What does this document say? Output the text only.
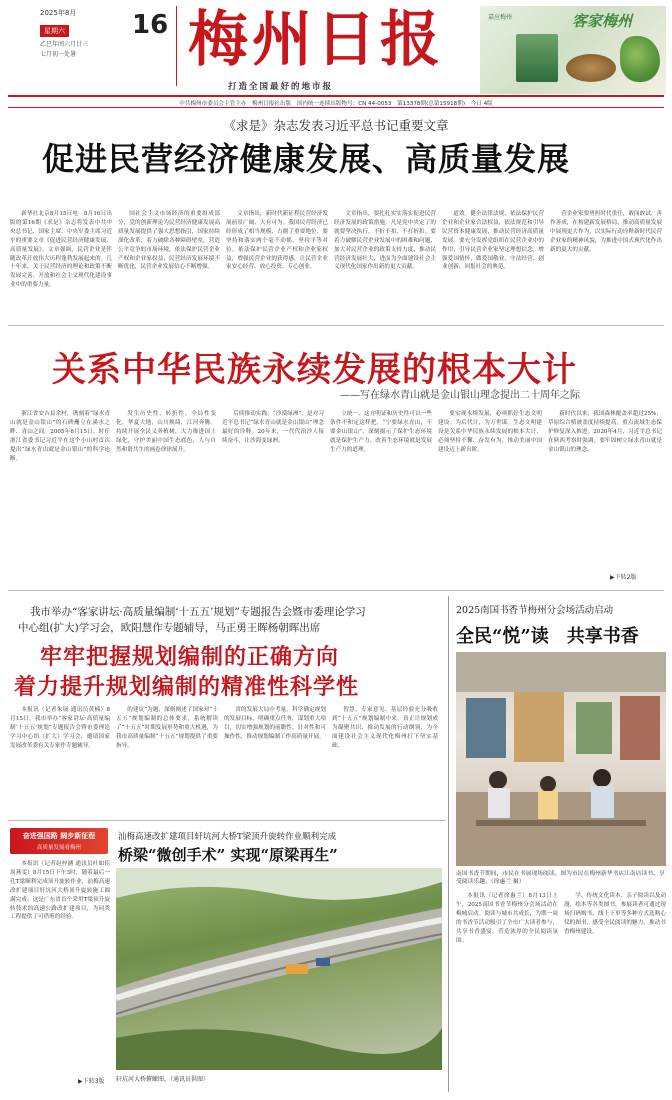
2025年8月
星期六
乙巳年闰六月廿三
七月初一处暑
16 梅州日报
打造全国最好的地市报
嘉应梅州	客家梅州
中共梅州市委员会主管主办　梅州日报社出版　国内统一连续出版物号：CN 44-0053　第13378期(总第15918期)　今日 4版
《求是》杂志发表习近平总书记重要文章
促进民营经济健康发展、高质量发展

新华社北京8月15日电　8月16日出版的第16期《求是》杂志将发表中共中央总书记、国家主席、中央军委主席习近平的重要文章《促进民营经济健康发展、高质量发展》。文章强调，民营企业是伴随改革开放伟大历程蓬勃发展起来的。几十年来，关于民营经济的理论和政策不断发展完善。开放和社会主义现代化建设事业中的重要力量。

国社会主义市场经济的重要组成部分，党的创新理论为民营经济健康发展高质量发展提供了强大思想指引，国家持续深化改革，着力破除各种障碍壁垒，营造公平竞争的市场环境，依法保护民营企业产权和企业家权益，民营经济发展环境不断优化，民营企业发展信心不断增强。

文章指出，新时代新征程民营经济发展前景广阔、大有可为。我国民营经济已经形成了相当规模、占据了重要地位，要坚持和落实两个毫不动摇，坚持平等对待，依法保护民营企业产权和企业家权益，增强民营企业的获得感，让民营企业家安心经营、放心投资、专心创业。

文章指出，要扎扎实实落实促进民营经济发展的政策措施。凡是党中央定了的就要坚决执行，不折不扣，不打折扣。要着力破解民营企业发展中的困难和问题，加大对民营企业的政策支持力度，推动民营经济发展壮大，进而为全面建设社会主义现代化国家作出新的更大贡献。

道效。健全法律法规，依法保护民营企业和企业家合法权益，依法规范和引导民营资本健康发展，推动民营经济高质量发展。要充分发挥党组织在民营企业中的作用，引导民营企业家坚定理想信念，增强爱国情怀，做爱国敬业、守法经营、创业创新、回报社会的典范。

营企业家要勇担时代重任，敢闯敢试、善作善成，在构建新发展格局、推动高质量发展中展现更大作为，以实际行动诠释新时代民营企业家的精神风貌，为推进中国式现代化作出新的更大的贡献。

关系中华民族永续发展的根本大计
——写在绿水青山就是金山银山理念提出二十周年之际

浙江省安吉县余村，镌刻着“绿水青山就是金山银山”的石碑矗立在溪水之畔、青山之间。2005年8月15日，时任浙江省委书记习近平在这个小山村首次提出“绿水青山就是金山银山”的科学论断。

发生历史性、转折性、全局性变化。华夏大地，山川焕绮，江河奔腾。持续开展全民义务植树，大力推进国土绿化，守护美丽中国生态底色，人与自然和谐共生的画卷徐徐展开。

后续推动实践。“沙漠绿洲”，是对习近平总书记“绿水青山就是金山银山”理念最好的诠释。20年来，一代代治沙人接续奋斗，让沙海变绿洲。

立统一、这方明证和历史性可以一些条件不和定这样把。“宁要绿水青山，不要金山银山”，深刻揭示了保护生态环境就是保护生产力、改善生态环境就是发展生产力的道理。

要实现永续发展，必须抓好生态文明建设。为后代计，为万世谋。生态文明建设是关系中华民族永续发展的根本大计，必须坚持不懈、奋发有为，推动美丽中国建设迈上新台阶。

新时代以来，我国森林覆盖率超过25%，草原综合植被盖度持续提高，重点流域生态保护修复深入推进。2020年4月，习近平总书记在陕西考察时强调，要牢固树立绿水青山就是金山银山的理念。

▶下转2版
我市举办“客家讲坛·高质量编制‘十五五’规划”专题报告会暨市委理论学习
中心组(扩大)学习会，欧阳慧作专题辅导，马正勇王晖杨朝晖出席
牢牢把握规划编制的正确方向
着力提升规划编制的精准性科学性

本报讯（记者朱展 通讯员黄楠）8月15日，我市举办“客家讲坛·高质量编制‘十五五’规划”专题报告会暨市委理论学习中心组（扩大）学习会，邀请国家发展改革委有关专家作专题辅导。

的建议”为题，深刻阐述了国家对“十五五”规划编制的总体要求，系统解读了“十五五”时期发展形势和重大机遇，为我市高质量编制“十五五”规划提供了重要指导。

省的发展大局中考量，科学确定规划的发展目标，明确重点任务，谋划重大项目，切实增强规划的前瞻性、针对性和可操作性，推动规划编制工作高质量开展。

智慧，专家意见、基层经验充分吸收到“十五五”规划编制中来，真正让规划成为凝聚共识、推动发展的行动纲领，为全面建设社会主义现代化梅州打下坚实基础。

奋进强国路 阔步新征程
高质量发展看梅州
汕梅高速改扩建项目轩坑河大桥T梁顶升旋转作业顺利完成
桥梁“微创手术” 实现“原梁再生”

本报讯（记者赵梓涵 通讯员叶如佳 周燕雯）8月15日下午3时，随着最后一孔T梁顺利完成顶升旋转作业，汕梅高速改扩建项目轩坑河大桥顶升旋转施工圆满完成。这是广东省首个采用T梁顶升旋转技术的高速公路改扩建项目，为同类工程提供了可借鉴的经验。

▶下转3版 轩坑河大桥俯瞰图。（通讯员供图）
2025南国书香节梅州分会场活动启动
全民“悦”读　共享书香
南国书香节期间，市民在书展现场阅读。图为市民在梅州新华书店江南店读书、享受阅读乐趣。（徐惠兰 摄）

本报讯（记者徐惠兰）8月13日上午，2025南国书香节梅州分会场活动在梅城启动。阅读与城市共成长，为期一周的书香节活动吸引了全市广大读者参与，共享书香盛宴，营造浓厚的全民阅读氛围。

学、传统文化读本、亲子阅读以及动漫、绘本等各类图书，参展读者可通过现场扫码购书、线上下单等多种方式选购心仪的图书，感受全民阅读的魅力，推动书香梅州建设。
